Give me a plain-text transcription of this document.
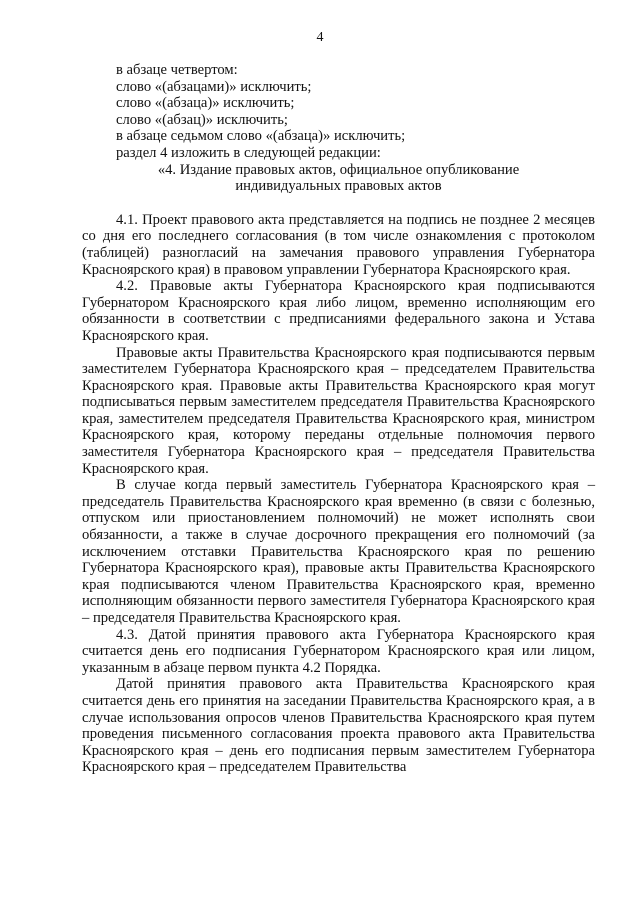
4

в абзаце четвертом:

слово «(абзацами)» исключить;

слово «(абзаца)» исключить;

слово «(абзац)» исключить;

в абзаце седьмом слово «(абзаца)» исключить;

раздел 4 изложить в следующей редакции:

«4. Издание правовых актов, официальное опубликование

индивидуальных правовых актов

4.1. Проект правового акта представляется на подпись не позднее 2 месяцев со дня его последнего согласования (в том числе ознакомления с протоколом (таблицей) разногласий на замечания правового управления Губернатора Красноярского края) в правовом управлении Губернатора Красноярского края.

4.2. Правовые акты Губернатора Красноярского края подписываются Губернатором Красноярского края либо лицом, временно исполняющим его обязанности в соответствии с предписаниями федерального закона и Устава Красноярского края.

Правовые акты Правительства Красноярского края подписываются первым заместителем Губернатора Красноярского края – председателем Правительства Красноярского края. Правовые акты Правительства Красноярского края могут подписываться первым заместителем председателя Правительства Красноярского края, заместителем председателя Правительства Красноярского края, министром Красноярского края, которому переданы отдельные полномочия первого заместителя Губернатора Красноярского края – председателя Правительства Красноярского края.

В случае когда первый заместитель Губернатора Красноярского края – председатель Правительства Красноярского края временно (в связи с болезнью, отпуском или приостановлением полномочий) не может исполнять свои обязанности, а также в случае досрочного прекращения его полномочий (за исключением отставки Правительства Красноярского края по решению Губернатора Красноярского края), правовые акты Правительства Красноярского края подписываются членом Правительства Красноярского края, временно исполняющим обязанности первого заместителя Губернатора Красноярского края – председателя Правительства Красноярского края.

4.3. Датой принятия правового акта Губернатора Красноярского края считается день его подписания Губернатором Красноярского края или лицом, указанным в абзаце первом пункта 4.2 Порядка.

Датой принятия правового акта Правительства Красноярского края считается день его принятия на заседании Правительства Красноярского края, а в случае использования опросов членов Правительства Красноярского края путем проведения письменного согласования проекта правового акта Правительства Красноярского края – день его подписания первым заместителем Губернатора Красноярского края – председателем Правительства
